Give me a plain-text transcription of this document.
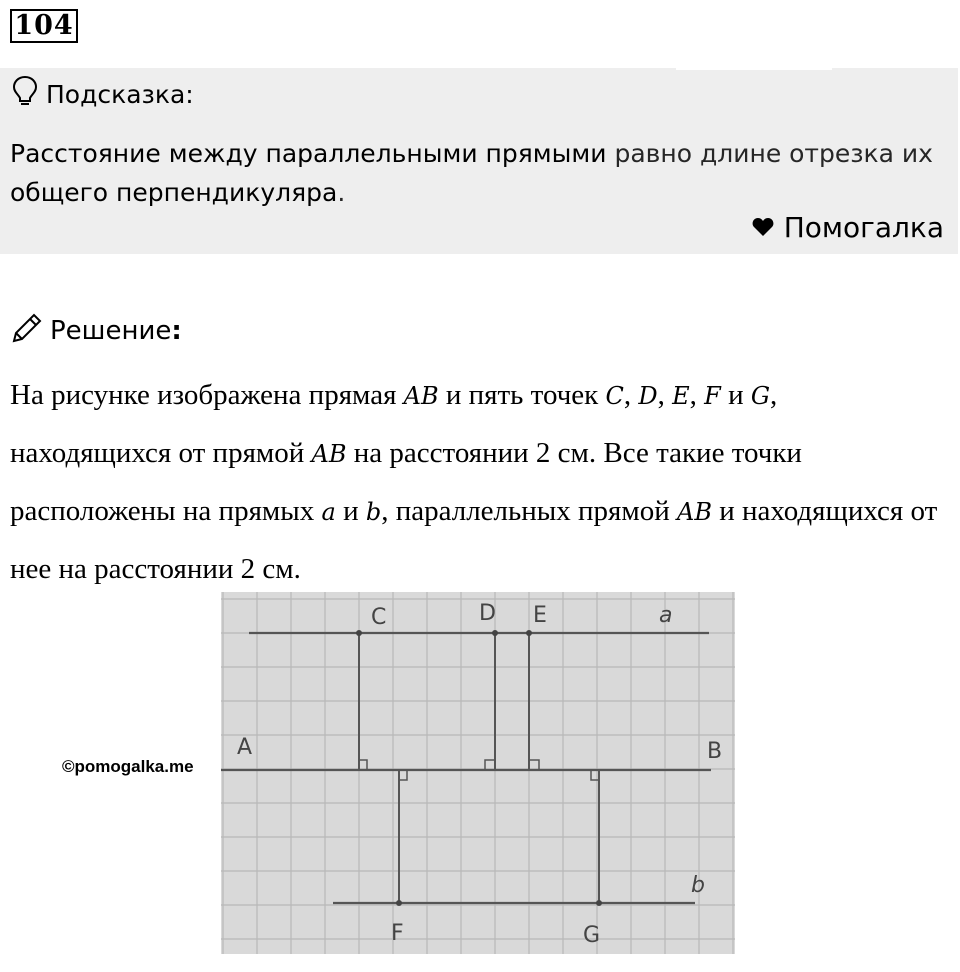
104
Подсказка:
Расстояние между параллельными прямыми равно длине отрезка их общего перпендикуляра.
Помогалка
Решение:
На рисунке изображена прямая AB и пять точек C, D, E, F и G, находящихся от прямой AB на расстоянии 2 см. Все такие точки расположены на прямых a и b, параллельных прямой AB и находящихся от нее на расстоянии 2 см.
C	D E	a
A	B
b
F	G
©pomogalka.me
